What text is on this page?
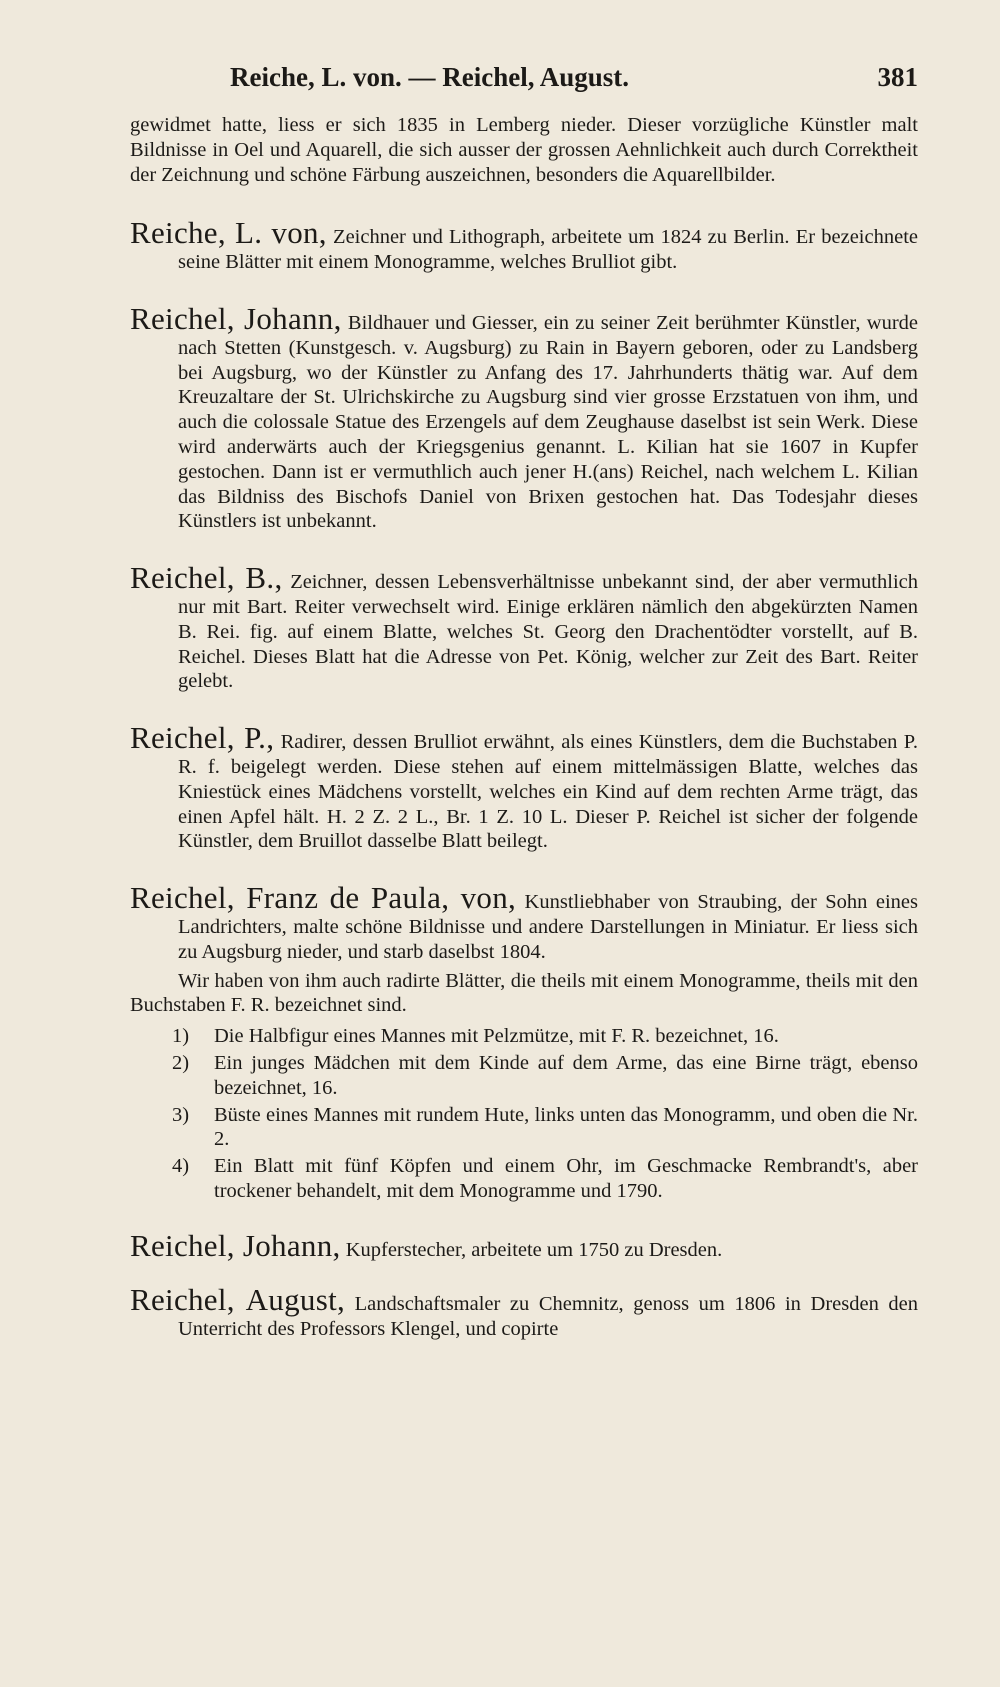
Reiche, L. von. — Reichel, August.	381

gewidmet hatte, liess er sich 1835 in Lemberg nieder. Dieser vorzügliche Künstler malt Bildnisse in Oel und Aquarell, die sich ausser der grossen Aehnlichkeit auch durch Correktheit der Zeichnung und schöne Färbung auszeichnen, besonders die Aquarellbilder.

Reiche, L. von, Zeichner und Lithograph, arbeitete um 1824 zu Berlin. Er bezeichnete seine Blätter mit einem Monogramme, welches Brulliot gibt.

Reichel, Johann, Bildhauer und Giesser, ein zu seiner Zeit berühmter Künstler, wurde nach Stetten (Kunstgesch. v. Augsburg) zu Rain in Bayern geboren, oder zu Landsberg bei Augsburg, wo der Künstler zu Anfang des 17. Jahrhunderts thätig war. Auf dem Kreuzaltare der St. Ulrichskirche zu Augsburg sind vier grosse Erzstatuen von ihm, und auch die colossale Statue des Erzengels auf dem Zeughause daselbst ist sein Werk. Diese wird anderwärts auch der Kriegsgenius genannt. L. Kilian hat sie 1607 in Kupfer gestochen. Dann ist er vermuthlich auch jener H.(ans) Reichel, nach welchem L. Kilian das Bildniss des Bischofs Daniel von Brixen gestochen hat. Das Todesjahr dieses Künstlers ist unbekannt.

Reichel, B., Zeichner, dessen Lebensverhältnisse unbekannt sind, der aber vermuthlich nur mit Bart. Reiter verwechselt wird. Einige erklären nämlich den abgekürzten Namen B. Rei. fig. auf einem Blatte, welches St. Georg den Drachentödter vorstellt, auf B. Reichel. Dieses Blatt hat die Adresse von Pet. König, welcher zur Zeit des Bart. Reiter gelebt.

Reichel, P., Radirer, dessen Brulliot erwähnt, als eines Künstlers, dem die Buchstaben P. R. f. beigelegt werden. Diese stehen auf einem mittelmässigen Blatte, welches das Kniestück eines Mädchens vorstellt, welches ein Kind auf dem rechten Arme trägt, das einen Apfel hält. H. 2 Z. 2 L., Br. 1 Z. 10 L. Dieser P. Reichel ist sicher der folgende Künstler, dem Bruillot dasselbe Blatt beilegt.

Reichel, Franz de Paula, von, Kunstliebhaber von Straubing, der Sohn eines Landrichters, malte schöne Bildnisse und andere Darstellungen in Miniatur. Er liess sich zu Augsburg nieder, und starb daselbst 1804.

Wir haben von ihm auch radirte Blätter, die theils mit einem Monogramme, theils mit den Buchstaben F. R. bezeichnet sind.

1) Die Halbfigur eines Mannes mit Pelzmütze, mit F. R. bezeichnet, 16.
2) Ein junges Mädchen mit dem Kinde auf dem Arme, das eine Birne trägt, ebenso bezeichnet, 16.
3) Büste eines Mannes mit rundem Hute, links unten das Monogramm, und oben die Nr. 2.
4) Ein Blatt mit fünf Köpfen und einem Ohr, im Geschmacke Rembrandt's, aber trockener behandelt, mit dem Monogramme und 1790.

Reichel, Johann, Kupferstecher, arbeitete um 1750 zu Dresden.

Reichel, August, Landschaftsmaler zu Chemnitz, genoss um 1806 in Dresden den Unterricht des Professors Klengel, und copirte
